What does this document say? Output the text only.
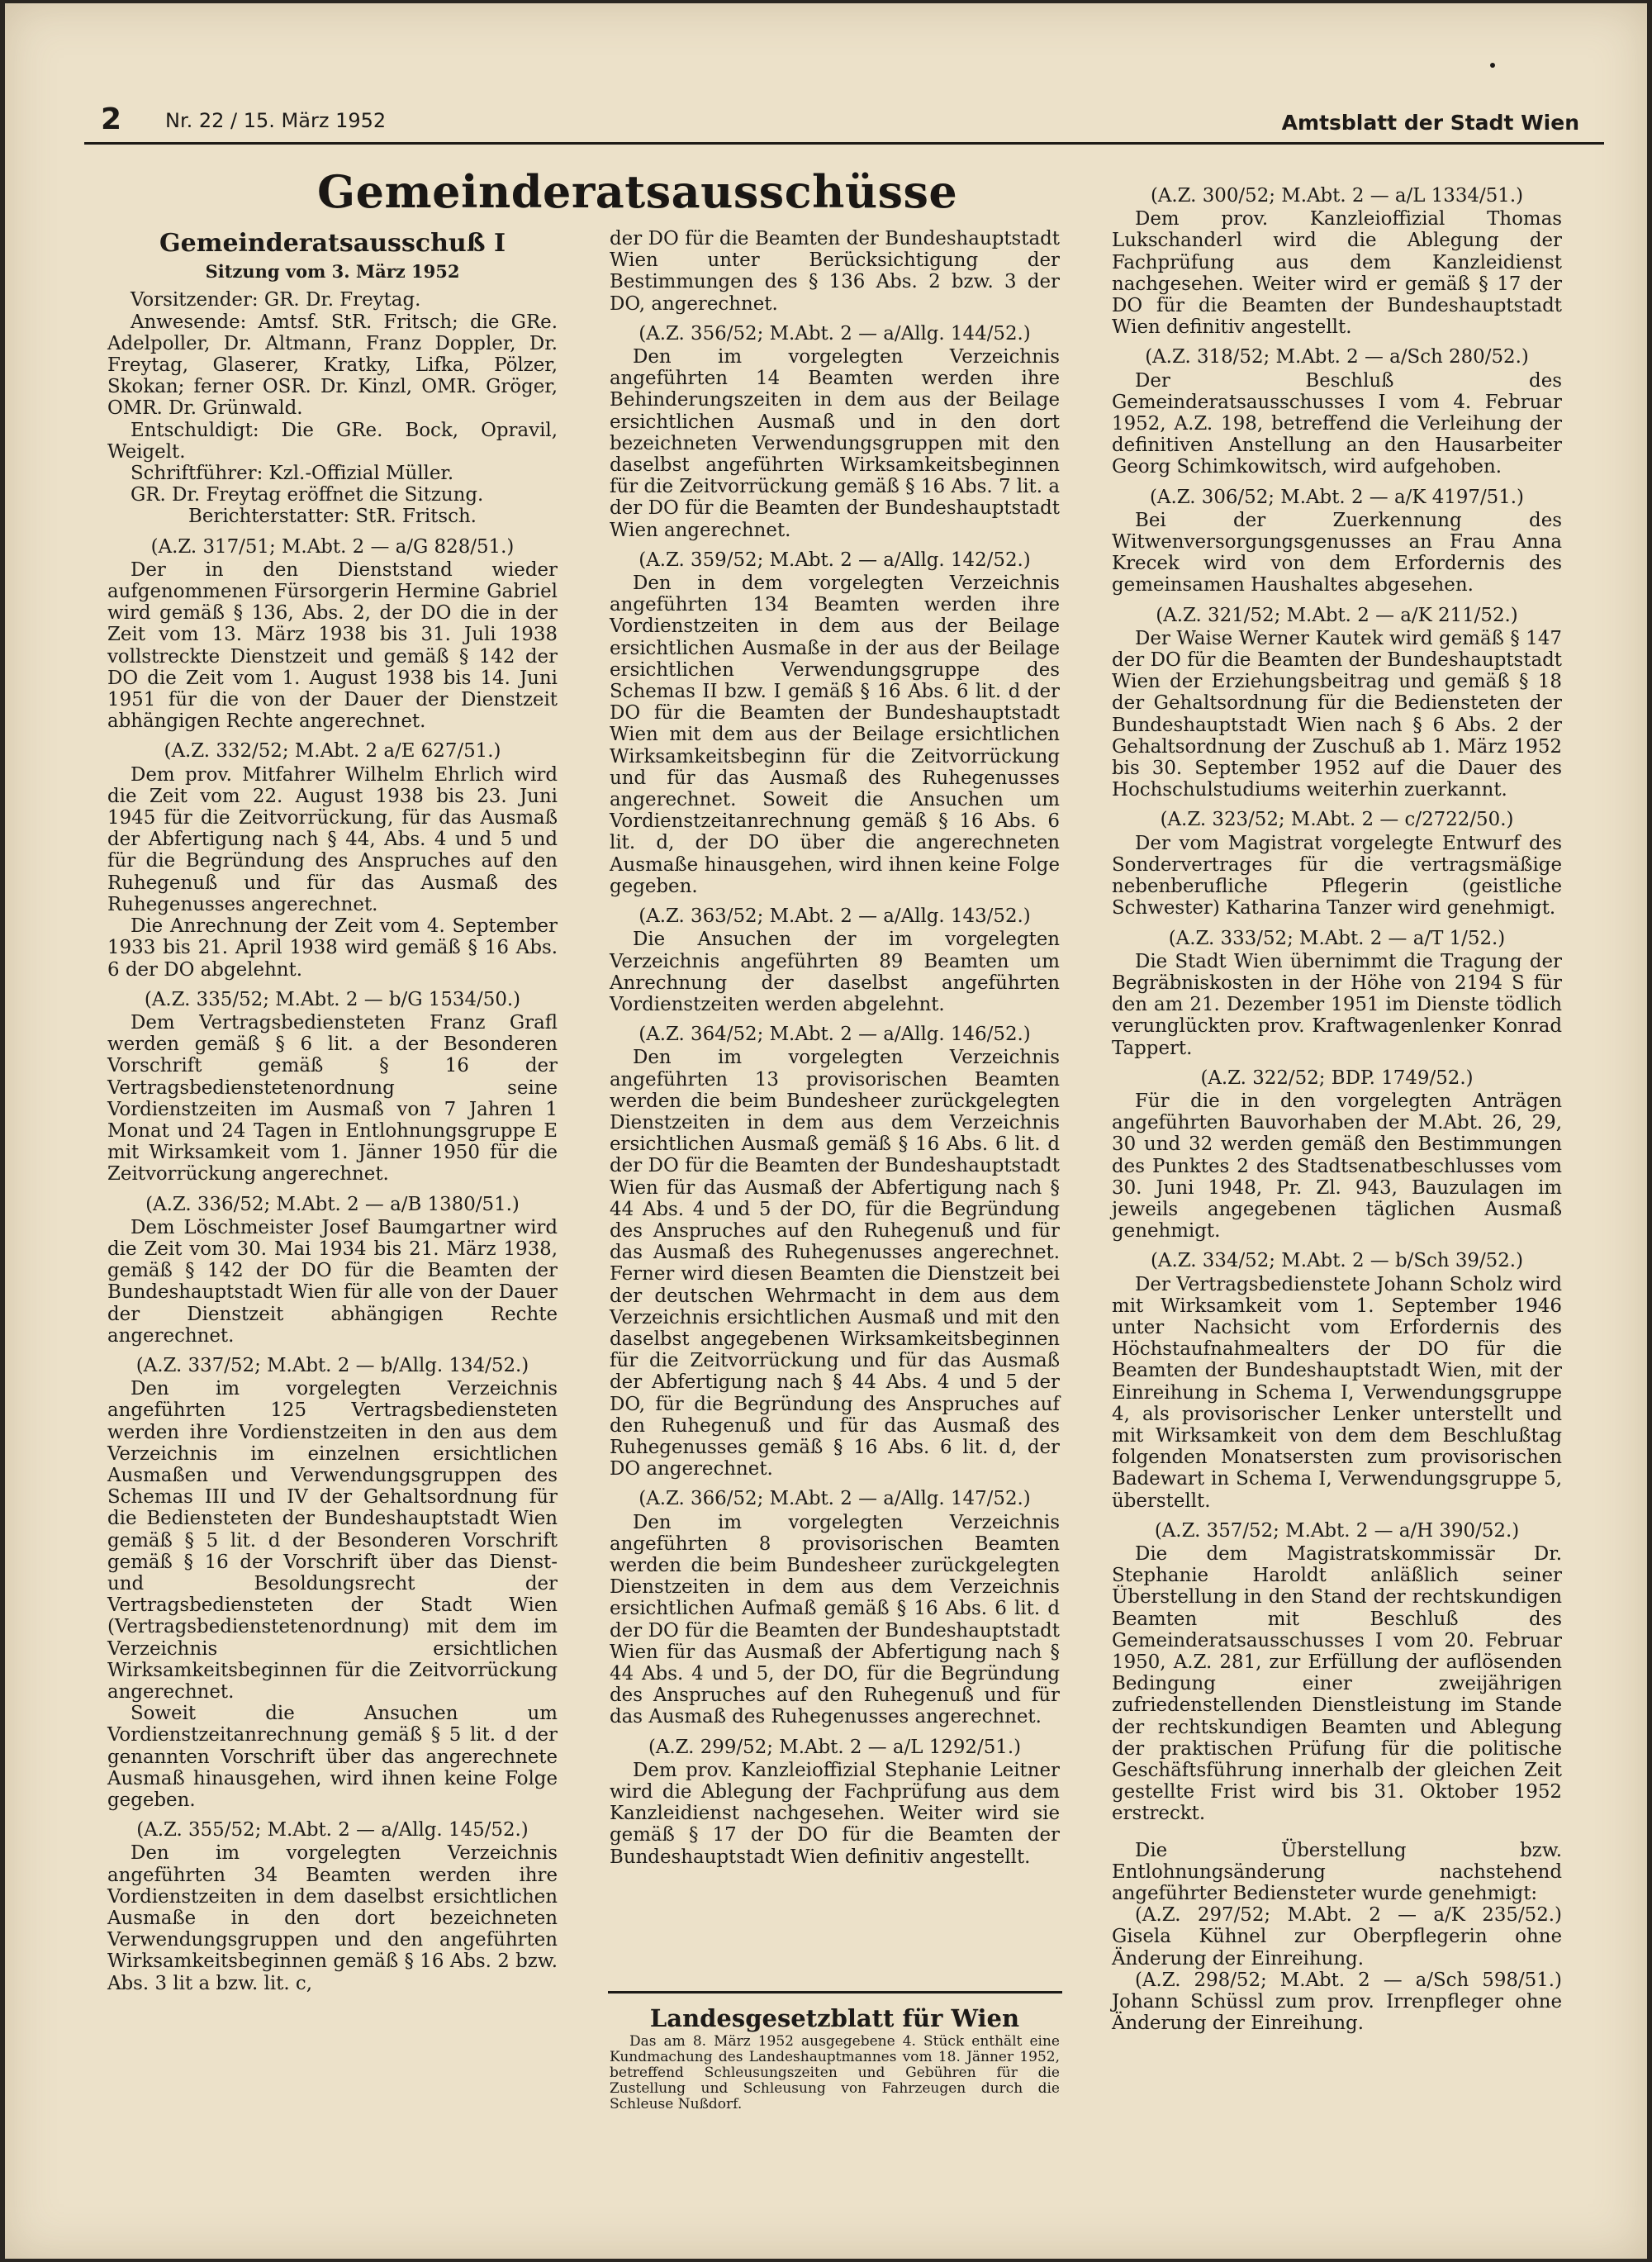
2 Nr. 22 / 15. März 1952	Amtsblatt der Stadt Wien
Gemeinderatsausschüsse
Gemeinderatsausschuß I
Sitzung vom 3. März 1952

Vorsitzender: GR. Dr. Freytag.

Anwesende: Amtsf. StR. Fritsch; die GRe. Adelpoller, Dr. Altmann, Franz Doppler, Dr. Freytag, Glaserer, Kratky, Lifka, Pölzer, Skokan; ferner OSR. Dr. Kinzl, OMR. Gröger, OMR. Dr. Grünwald.

Entschuldigt: Die GRe. Bock, Opravil, Weigelt.

Schriftführer: Kzl.-Offizial Müller.

GR. Dr. Freytag eröffnet die Sitzung.

Berichterstatter: StR. Fritsch.

(A.Z. 317/51; M.Abt. 2 — a/G 828/51.)

Der in den Dienststand wieder aufgenommenen Fürsorgerin Hermine Gabriel wird gemäß § 136, Abs. 2, der DO die in der Zeit vom 13. März 1938 bis 31. Juli 1938 vollstreckte Dienstzeit und gemäß § 142 der DO die Zeit vom 1. August 1938 bis 14. Juni 1951 für die von der Dauer der Dienstzeit abhängigen Rechte angerechnet.

(A.Z. 332/52; M.Abt. 2 a/E 627/51.)

Dem prov. Mitfahrer Wilhelm Ehrlich wird die Zeit vom 22. August 1938 bis 23. Juni 1945 für die Zeitvorrückung, für das Ausmaß der Abfertigung nach § 44, Abs. 4 und 5 und für die Begründung des Anspruches auf den Ruhegenuß und für das Ausmaß des Ruhegenusses angerechnet.

Die Anrechnung der Zeit vom 4. September 1933 bis 21. April 1938 wird gemäß § 16 Abs. 6 der DO abgelehnt.

(A.Z. 335/52; M.Abt. 2 — b/G 1534/50.)

Dem Vertragsbediensteten Franz Grafl werden gemäß § 6 lit. a der Besonderen Vorschrift gemäß § 16 der Vertragsbedienstetenordnung seine Vordienstzeiten im Ausmaß von 7 Jahren 1 Monat und 24 Tagen in Entlohnungsgruppe E mit Wirksamkeit vom 1. Jänner 1950 für die Zeitvorrückung angerechnet.

(A.Z. 336/52; M.Abt. 2 — a/B 1380/51.)

Dem Löschmeister Josef Baumgartner wird die Zeit vom 30. Mai 1934 bis 21. März 1938, gemäß § 142 der DO für die Beamten der Bundeshauptstadt Wien für alle von der Dauer der Dienstzeit abhängigen Rechte angerechnet.

(A.Z. 337/52; M.Abt. 2 — b/Allg. 134/52.)

Den im vorgelegten Verzeichnis angeführten 125 Vertragsbediensteten werden ihre Vordienstzeiten in den aus dem Verzeichnis im einzelnen ersichtlichen Ausmaßen und Verwendungsgruppen des Schemas III und IV der Gehaltsordnung für die Bediensteten der Bundeshauptstadt Wien gemäß § 5 lit. d der Besonderen Vorschrift gemäß § 16 der Vorschrift über das Dienst- und Besoldungsrecht der Vertragsbediensteten der Stadt Wien (Vertragsbedienstetenordnung) mit dem im Verzeichnis ersichtlichen Wirksamkeitsbeginnen für die Zeitvorrückung angerechnet.

Soweit die Ansuchen um Vordienstzeitanrechnung gemäß § 5 lit. d der genannten Vorschrift über das angerechnete Ausmaß hinausgehen, wird ihnen keine Folge gegeben.

(A.Z. 355/52; M.Abt. 2 — a/Allg. 145/52.)

Den im vorgelegten Verzeichnis angeführten 34 Beamten werden ihre Vordienstzeiten in dem daselbst ersichtlichen Ausmaße in den dort bezeichneten Verwendungsgruppen und den angeführten Wirksamkeitsbeginnen gemäß § 16 Abs. 2 bzw. Abs. 3 lit a bzw. lit. c,

der DO für die Beamten der Bundeshauptstadt Wien unter Berücksichtigung der Bestimmungen des § 136 Abs. 2 bzw. 3 der DO, angerechnet.

(A.Z. 356/52; M.Abt. 2 — a/Allg. 144/52.)

Den im vorgelegten Verzeichnis angeführten 14 Beamten werden ihre Behinderungszeiten in dem aus der Beilage ersichtlichen Ausmaß und in den dort bezeichneten Verwendungsgruppen mit den daselbst angeführten Wirksamkeitsbeginnen für die Zeitvorrückung gemäß § 16 Abs. 7 lit. a der DO für die Beamten der Bundeshauptstadt Wien angerechnet.

(A.Z. 359/52; M.Abt. 2 — a/Allg. 142/52.)

Den in dem vorgelegten Verzeichnis angeführten 134 Beamten werden ihre Vordienstzeiten in dem aus der Beilage ersichtlichen Ausmaße in der aus der Beilage ersichtlichen Verwendungsgruppe des Schemas II bzw. I gemäß § 16 Abs. 6 lit. d der DO für die Beamten der Bundeshauptstadt Wien mit dem aus der Beilage ersichtlichen Wirksamkeitsbeginn für die Zeitvorrückung und für das Ausmaß des Ruhegenusses angerechnet. Soweit die Ansuchen um Vordienstzeitanrechnung gemäß § 16 Abs. 6 lit. d, der DO über die angerechneten Ausmaße hinausgehen, wird ihnen keine Folge gegeben.

(A.Z. 363/52; M.Abt. 2 — a/Allg. 143/52.)

Die Ansuchen der im vorgelegten Verzeichnis angeführten 89 Beamten um Anrechnung der daselbst angeführten Vordienstzeiten werden abgelehnt.

(A.Z. 364/52; M.Abt. 2 — a/Allg. 146/52.)

Den im vorgelegten Verzeichnis angeführten 13 provisorischen Beamten werden die beim Bundesheer zurückgelegten Dienstzeiten in dem aus dem Verzeichnis ersichtlichen Ausmaß gemäß § 16 Abs. 6 lit. d der DO für die Beamten der Bundeshauptstadt Wien für das Ausmaß der Abfertigung nach § 44 Abs. 4 und 5 der DO, für die Begründung des Anspruches auf den Ruhegenuß und für das Ausmaß des Ruhegenusses angerechnet. Ferner wird diesen Beamten die Dienstzeit bei der deutschen Wehrmacht in dem aus dem Verzeichnis ersichtlichen Ausmaß und mit den daselbst angegebenen Wirksamkeitsbeginnen für die Zeitvorrückung und für das Ausmaß der Abfertigung nach § 44 Abs. 4 und 5 der DO, für die Begründung des Anspruches auf den Ruhegenuß und für das Ausmaß des Ruhegenusses gemäß § 16 Abs. 6 lit. d, der DO angerechnet.

(A.Z. 366/52; M.Abt. 2 — a/Allg. 147/52.)

Den im vorgelegten Verzeichnis angeführten 8 provisorischen Beamten werden die beim Bundesheer zurückgelegten Dienstzeiten in dem aus dem Verzeichnis ersichtlichen Aufmaß gemäß § 16 Abs. 6 lit. d der DO für die Beamten der Bundeshauptstadt Wien für das Ausmaß der Abfertigung nach § 44 Abs. 4 und 5, der DO, für die Begründung des Anspruches auf den Ruhegenuß und für das Ausmaß des Ruhegenusses angerechnet.

(A.Z. 299/52; M.Abt. 2 — a/L 1292/51.)

Dem prov. Kanzleioffizial Stephanie Leitner wird die Ablegung der Fachprüfung aus dem Kanzleidienst nachgesehen. Weiter wird sie gemäß § 17 der DO für die Beamten der Bundeshauptstadt Wien definitiv angestellt.

Landesgesetzblatt für Wien

Das am 8. März 1952 ausgegebene 4. Stück enthält eine Kundmachung des Landeshauptmannes vom 18. Jänner 1952, betreffend Schleusungszeiten und Gebühren für die Zustellung und Schleusung von Fahrzeugen durch die Schleuse Nußdorf.

(A.Z. 300/52; M.Abt. 2 — a/L 1334/51.)

Dem prov. Kanzleioffizial Thomas Lukschanderl wird die Ablegung der Fachprüfung aus dem Kanzleidienst nachgesehen. Weiter wird er gemäß § 17 der DO für die Beamten der Bundeshauptstadt Wien definitiv angestellt.

(A.Z. 318/52; M.Abt. 2 — a/Sch 280/52.)

Der Beschluß des Gemeinderatsausschusses I vom 4. Februar 1952, A.Z. 198, betreffend die Verleihung der definitiven Anstellung an den Hausarbeiter Georg Schimkowitsch, wird aufgehoben.

(A.Z. 306/52; M.Abt. 2 — a/K 4197/51.)

Bei der Zuerkennung des Witwenversorgungsgenusses an Frau Anna Krecek wird von dem Erfordernis des gemeinsamen Haushaltes abgesehen.

(A.Z. 321/52; M.Abt. 2 — a/K 211/52.)

Der Waise Werner Kautek wird gemäß § 147 der DO für die Beamten der Bundeshauptstadt Wien der Erziehungsbeitrag und gemäß § 18 der Gehaltsordnung für die Bediensteten der Bundeshauptstadt Wien nach § 6 Abs. 2 der Gehaltsordnung der Zuschuß ab 1. März 1952 bis 30. September 1952 auf die Dauer des Hochschulstudiums weiterhin zuerkannt.

(A.Z. 323/52; M.Abt. 2 — c/2722/50.)

Der vom Magistrat vorgelegte Entwurf des Sondervertrages für die vertragsmäßige nebenberufliche Pflegerin (geistliche Schwester) Katharina Tanzer wird genehmigt.

(A.Z. 333/52; M.Abt. 2 — a/T 1/52.)

Die Stadt Wien übernimmt die Tragung der Begräbniskosten in der Höhe von 2194 S für den am 21. Dezember 1951 im Dienste tödlich verunglückten prov. Kraftwagenlenker Konrad Tappert.

(A.Z. 322/52; BDP. 1749/52.)

Für die in den vorgelegten Anträgen angeführten Bauvorhaben der M.Abt. 26, 29, 30 und 32 werden gemäß den Bestimmungen des Punktes 2 des Stadtsenatbeschlusses vom 30. Juni 1948, Pr. Zl. 943, Bauzulagen im jeweils angegebenen täglichen Ausmaß genehmigt.

(A.Z. 334/52; M.Abt. 2 — b/Sch 39/52.)

Der Vertragsbedienstete Johann Scholz wird mit Wirksamkeit vom 1. September 1946 unter Nachsicht vom Erfordernis des Höchstaufnahmealters der DO für die Beamten der Bundeshauptstadt Wien, mit der Einreihung in Schema I, Verwendungsgruppe 4, als provisorischer Lenker unterstellt und mit Wirksamkeit von dem dem Beschlußtag folgenden Monatsersten zum provisorischen Badewart in Schema I, Verwendungsgruppe 5, überstellt.

(A.Z. 357/52; M.Abt. 2 — a/H 390/52.)

Die dem Magistratskommissär Dr. Stephanie Haroldt anläßlich seiner Überstellung in den Stand der rechtskundigen Beamten mit Beschluß des Gemeinderatsausschusses I vom 20. Februar 1950, A.Z. 281, zur Erfüllung der auflösenden Bedingung einer zweijährigen zufriedenstellenden Dienstleistung im Stande der rechtskundigen Beamten und Ablegung der praktischen Prüfung für die politische Geschäftsführung innerhalb der gleichen Zeit gestellte Frist wird bis 31. Oktober 1952 erstreckt.

Die Überstellung bzw. Entlohnungsänderung nachstehend angeführter Bediensteter wurde genehmigt:

(A.Z. 297/52; M.Abt. 2 — a/K 235/52.) Gisela Kühnel zur Oberpflegerin ohne Änderung der Einreihung.

(A.Z. 298/52; M.Abt. 2 — a/Sch 598/51.) Johann Schüssl zum prov. Irrenpfleger ohne Änderung der Einreihung.
